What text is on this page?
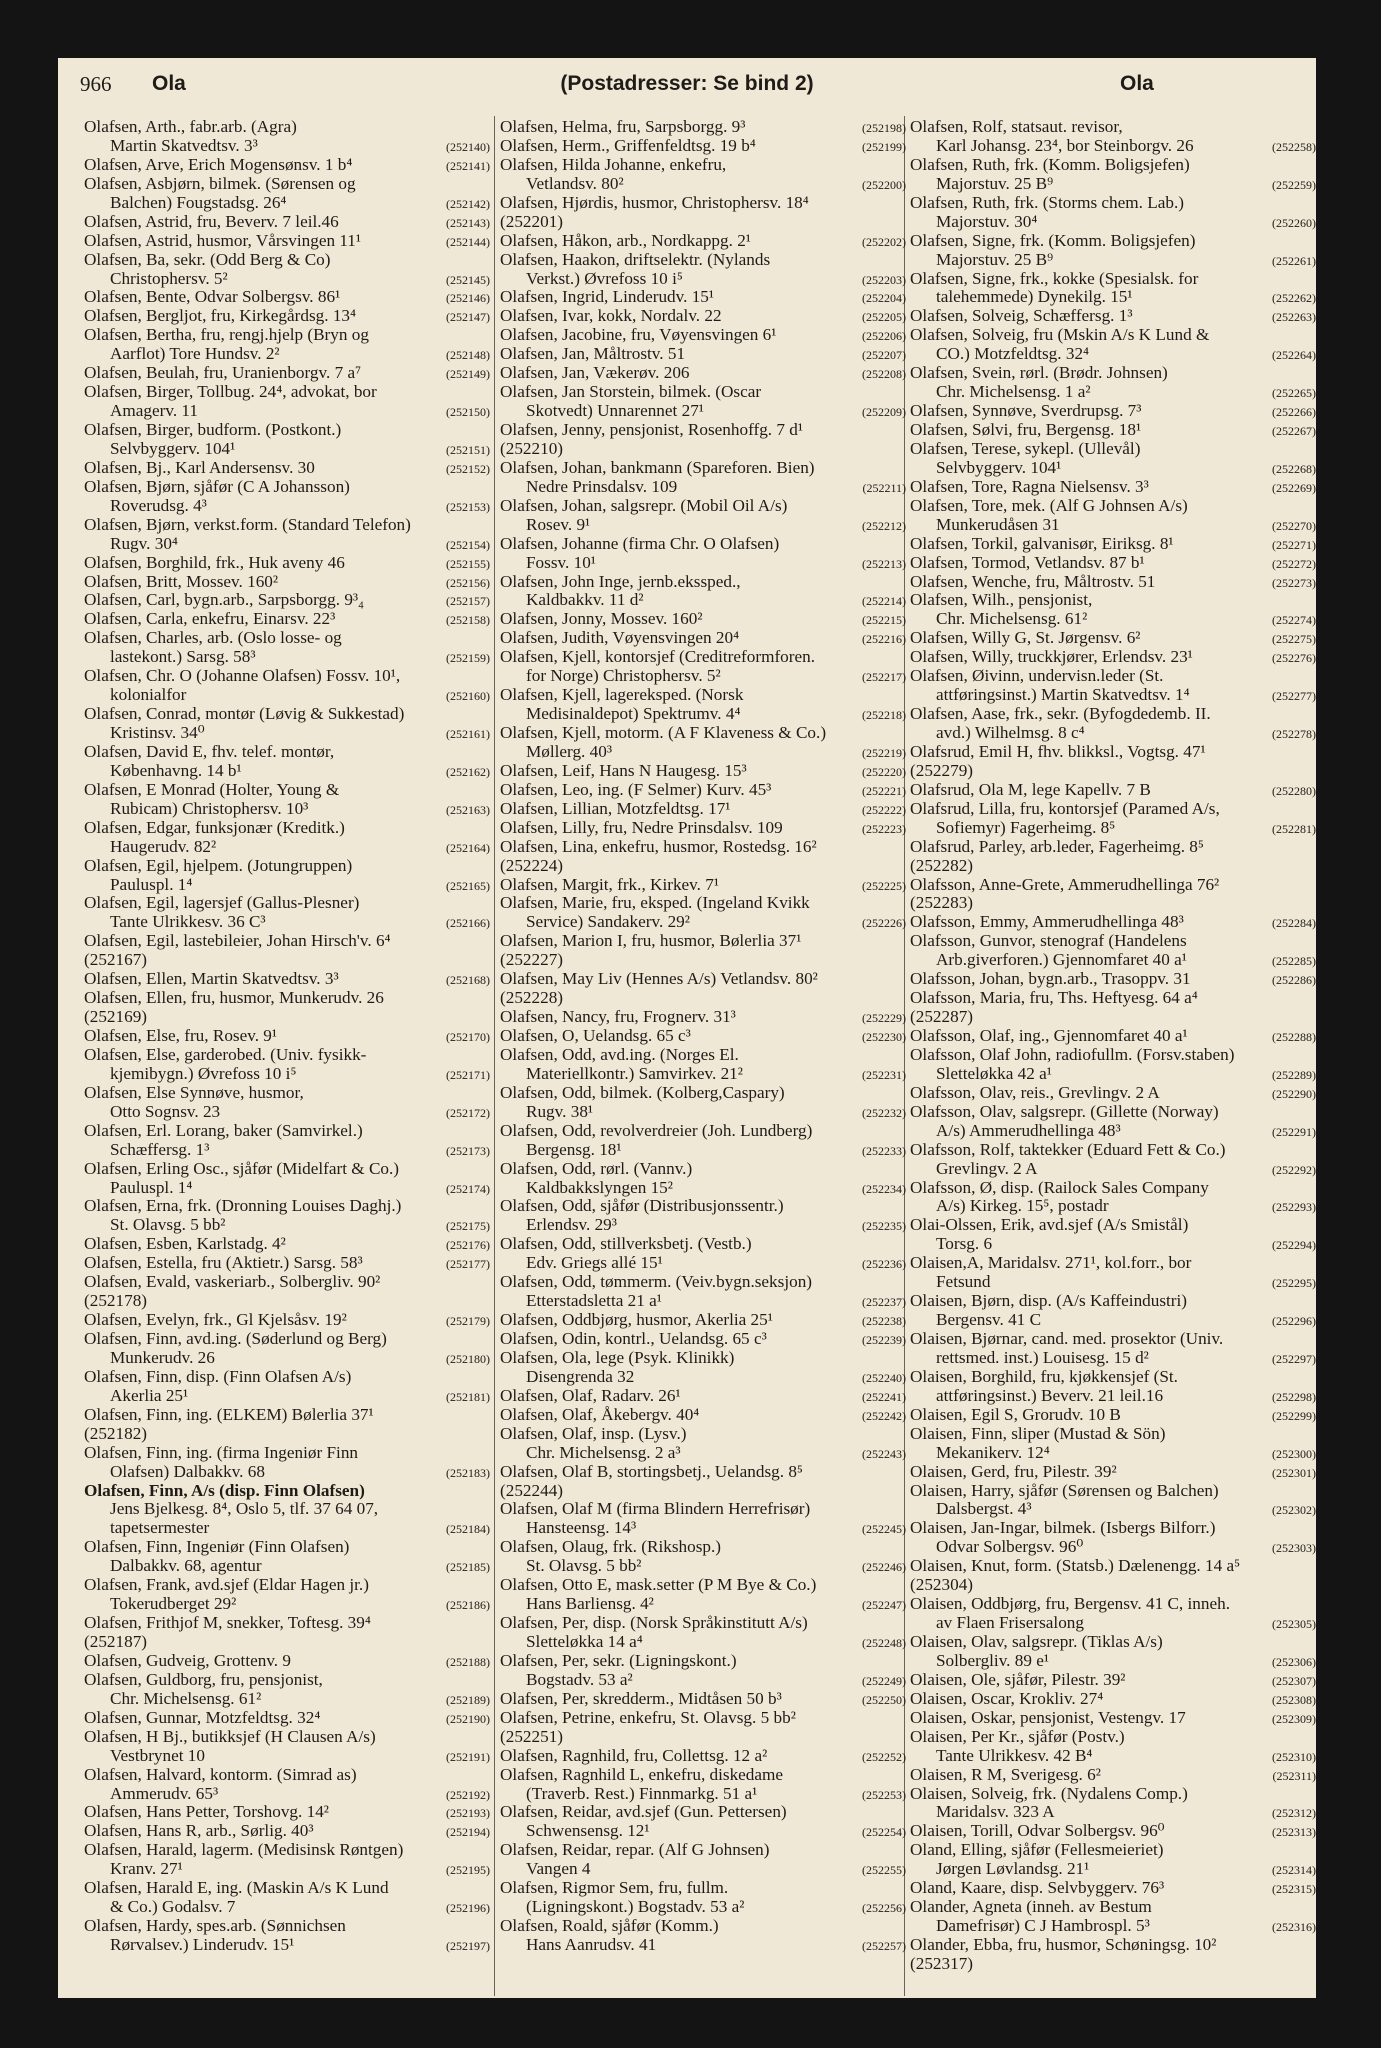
966 Ola	(Postadresser: Se bind 2)	Ola
Olafsen, Arth., fabr.arb. (Agra)
Martin Skatvedtsv. 3³	(252140)
Olafsen, Arve, Erich Mogensønsv. 1 b⁴	(252141)
Olafsen, Asbjørn, bilmek. (Sørensen og
Balchen) Fougstadsg. 26⁴	(252142)
Olafsen, Astrid, fru, Beverv. 7 leil.46	(252143)
Olafsen, Astrid, husmor, Vårsvingen 11¹	(252144)
Olafsen, Ba, sekr. (Odd Berg & Co)
Christophersv. 5²	(252145)
Olafsen, Bente, Odvar Solbergsv. 86¹	(252146)
Olafsen, Bergljot, fru, Kirkegårdsg. 13⁴	(252147)
Olafsen, Bertha, fru, rengj.hjelp (Bryn og
Aarflot) Tore Hundsv. 2²	(252148)
Olafsen, Beulah, fru, Uranienborgv. 7 a⁷	(252149)
Olafsen, Birger, Tollbug. 24⁴, advokat, bor
Amagerv. 11	(252150)
Olafsen, Birger, budform. (Postkont.)
Selvbyggerv. 104¹	(252151)
Olafsen, Bj., Karl Andersensv. 30	(252152)
Olafsen, Bjørn, sjåfør (C A Johansson)
Roverudsg. 4³	(252153)
Olafsen, Bjørn, verkst.form. (Standard Telefon)
Rugv. 30⁴	(252154)
Olafsen, Borghild, frk., Huk aveny 46	(252155)
Olafsen, Britt, Mossev. 160²	(252156)
Olafsen, Carl, bygn.arb., Sarpsborgg. 9³₄	(252157)
Olafsen, Carla, enkefru, Einarsv. 22³	(252158)
Olafsen, Charles, arb. (Oslo losse- og
lastekont.) Sarsg. 58³	(252159)
Olafsen, Chr. O (Johanne Olafsen) Fossv. 10¹,
kolonialfor	(252160)
Olafsen, Conrad, montør (Løvig & Sukkestad)
Kristinsv. 34⁰	(252161)
Olafsen, David E, fhv. telef. montør,
Københavng. 14 b¹	(252162)
Olafsen, E Monrad (Holter, Young &
Rubicam) Christophersv. 10³	(252163)
Olafsen, Edgar, funksjonær (Kreditk.)
Haugerudv. 82²	(252164)
Olafsen, Egil, hjelpem. (Jotungruppen)
Pauluspl. 1⁴	(252165)
Olafsen, Egil, lagersjef (Gallus-Plesner)
Tante Ulrikkesv. 36 C³	(252166)
Olafsen, Egil, lastebileier, Johan Hirsch'v. 6⁴
(252167)
Olafsen, Ellen, Martin Skatvedtsv. 3³	(252168)
Olafsen, Ellen, fru, husmor, Munkerudv. 26
(252169)
Olafsen, Else, fru, Rosev. 9¹	(252170)
Olafsen, Else, garderobed. (Univ. fysikk-
kjemibygn.) Øvrefoss 10 i⁵	(252171)
Olafsen, Else Synnøve, husmor,
Otto Sognsv. 23	(252172)
Olafsen, Erl. Lorang, baker (Samvirkel.)
Schæffersg. 1³	(252173)
Olafsen, Erling Osc., sjåfør (Midelfart & Co.)
Pauluspl. 1⁴	(252174)
Olafsen, Erna, frk. (Dronning Louises Daghj.)
St. Olavsg. 5 bb²	(252175)
Olafsen, Esben, Karlstadg. 4²	(252176)
Olafsen, Estella, fru (Aktietr.) Sarsg. 58³	(252177)
Olafsen, Evald, vaskeriarb., Solbergliv. 90²
(252178)
Olafsen, Evelyn, frk., Gl Kjelsåsv. 19²	(252179)
Olafsen, Finn, avd.ing. (Søderlund og Berg)
Munkerudv. 26	(252180)
Olafsen, Finn, disp. (Finn Olafsen A/s)
Akerlia 25¹	(252181)
Olafsen, Finn, ing. (ELKEM) Bølerlia 37¹
(252182)
Olafsen, Finn, ing. (firma Ingeniør Finn
Olafsen) Dalbakkv. 68	(252183)
Olafsen, Finn, A/s (disp. Finn Olafsen)
Jens Bjelkesg. 8⁴, Oslo 5, tlf. 37 64 07,
tapetsermester	(252184)
Olafsen, Finn, Ingeniør (Finn Olafsen)
Dalbakkv. 68, agentur	(252185)
Olafsen, Frank, avd.sjef (Eldar Hagen jr.)
Tokerudberget 29²	(252186)
Olafsen, Frithjof M, snekker, Toftesg. 39⁴
(252187)
Olafsen, Gudveig, Grottenv. 9	(252188)
Olafsen, Guldborg, fru, pensjonist,
Chr. Michelsensg. 61²	(252189)
Olafsen, Gunnar, Motzfeldtsg. 32⁴	(252190)
Olafsen, H Bj., butikksjef (H Clausen A/s)
Vestbrynet 10	(252191)
Olafsen, Halvard, kontorm. (Simrad as)
Ammerudv. 65³	(252192)
Olafsen, Hans Petter, Torshovg. 14²	(252193)
Olafsen, Hans R, arb., Sørlig. 40³	(252194)
Olafsen, Harald, lagerm. (Medisinsk Røntgen)
Kranv. 27¹	(252195)
Olafsen, Harald E, ing. (Maskin A/s K Lund
& Co.) Godalsv. 7	(252196)
Olafsen, Hardy, spes.arb. (Sønnichsen
Rørvalsev.) Linderudv. 15¹	(252197)
Olafsen, Helma, fru, Sarpsborgg. 9³	(252198)
Olafsen, Herm., Griffenfeldtsg. 19 b⁴	(252199)
Olafsen, Hilda Johanne, enkefru,
Vetlandsv. 80²	(252200)
Olafsen, Hjørdis, husmor, Christophersv. 18⁴
(252201)
Olafsen, Håkon, arb., Nordkappg. 2¹	(252202)
Olafsen, Haakon, driftselektr. (Nylands
Verkst.) Øvrefoss 10 i⁵	(252203)
Olafsen, Ingrid, Linderudv. 15¹	(252204)
Olafsen, Ivar, kokk, Nordalv. 22	(252205)
Olafsen, Jacobine, fru, Vøyensvingen 6¹	(252206)
Olafsen, Jan, Måltrostv. 51	(252207)
Olafsen, Jan, Vækerøv. 206	(252208)
Olafsen, Jan Storstein, bilmek. (Oscar
Skotvedt) Unnarennet 27¹	(252209)
Olafsen, Jenny, pensjonist, Rosenhoffg. 7 d¹
(252210)
Olafsen, Johan, bankmann (Spareforen. Bien)
Nedre Prinsdalsv. 109	(252211)
Olafsen, Johan, salgsrepr. (Mobil Oil A/s)
Rosev. 9¹	(252212)
Olafsen, Johanne (firma Chr. O Olafsen)
Fossv. 10¹	(252213)
Olafsen, John Inge, jernb.ekssped.,
Kaldbakkv. 11 d²	(252214)
Olafsen, Jonny, Mossev. 160²	(252215)
Olafsen, Judith, Vøyensvingen 20⁴	(252216)
Olafsen, Kjell, kontorsjef (Creditreformforen.
for Norge) Christophersv. 5²	(252217)
Olafsen, Kjell, lagereksped. (Norsk
Medisinaldepot) Spektrumv. 4⁴	(252218)
Olafsen, Kjell, motorm. (A F Klaveness & Co.)
Møllerg. 40³	(252219)
Olafsen, Leif, Hans N Haugesg. 15³	(252220)
Olafsen, Leo, ing. (F Selmer) Kurv. 45³	(252221)
Olafsen, Lillian, Motzfeldtsg. 17¹	(252222)
Olafsen, Lilly, fru, Nedre Prinsdalsv. 109	(252223)
Olafsen, Lina, enkefru, husmor, Rostedsg. 16²
(252224)
Olafsen, Margit, frk., Kirkev. 7¹	(252225)
Olafsen, Marie, fru, eksped. (Ingeland Kvikk
Service) Sandakerv. 29²	(252226)
Olafsen, Marion I, fru, husmor, Bølerlia 37¹
(252227)
Olafsen, May Liv (Hennes A/s) Vetlandsv. 80²
(252228)
Olafsen, Nancy, fru, Frognerv. 31³	(252229)
Olafsen, O, Uelandsg. 65 c³	(252230)
Olafsen, Odd, avd.ing. (Norges El.
Materiellkontr.) Samvirkev. 21²	(252231)
Olafsen, Odd, bilmek. (Kolberg,Caspary)
Rugv. 38¹	(252232)
Olafsen, Odd, revolverdreier (Joh. Lundberg)
Bergensg. 18¹	(252233)
Olafsen, Odd, rørl. (Vannv.)
Kaldbakkslyngen 15²	(252234)
Olafsen, Odd, sjåfør (Distribusjonssentr.)
Erlendsv. 29³	(252235)
Olafsen, Odd, stillverksbetj. (Vestb.)
Edv. Griegs allé 15¹	(252236)
Olafsen, Odd, tømmerm. (Veiv.bygn.seksjon)
Etterstadsletta 21 a¹	(252237)
Olafsen, Oddbjørg, husmor, Akerlia 25¹	(252238)
Olafsen, Odin, kontrl., Uelandsg. 65 c³	(252239)
Olafsen, Ola, lege (Psyk. Klinikk)
Disengrenda 32	(252240)
Olafsen, Olaf, Radarv. 26¹	(252241)
Olafsen, Olaf, Åkebergv. 40⁴	(252242)
Olafsen, Olaf, insp. (Lysv.)
Chr. Michelsensg. 2 a³	(252243)
Olafsen, Olaf B, stortingsbetj., Uelandsg. 8⁵
(252244)
Olafsen, Olaf M (firma Blindern Herrefrisør)
Hansteensg. 14³	(252245)
Olafsen, Olaug, frk. (Rikshosp.)
St. Olavsg. 5 bb²	(252246)
Olafsen, Otto E, mask.setter (P M Bye & Co.)
Hans Barliensg. 4²	(252247)
Olafsen, Per, disp. (Norsk Språkinstitutt A/s)
Sletteløkka 14 a⁴	(252248)
Olafsen, Per, sekr. (Ligningskont.)
Bogstadv. 53 a²	(252249)
Olafsen, Per, skredderm., Midtåsen 50 b³	(252250)
Olafsen, Petrine, enkefru, St. Olavsg. 5 bb²
(252251)
Olafsen, Ragnhild, fru, Collettsg. 12 a²	(252252)
Olafsen, Ragnhild L, enkefru, diskedame
(Traverb. Rest.) Finnmarkg. 51 a¹	(252253)
Olafsen, Reidar, avd.sjef (Gun. Pettersen)
Schwensensg. 12¹	(252254)
Olafsen, Reidar, repar. (Alf G Johnsen)
Vangen 4	(252255)
Olafsen, Rigmor Sem, fru, fullm.
(Ligningskont.) Bogstadv. 53 a²	(252256)
Olafsen, Roald, sjåfør (Komm.)
Hans Aanrudsv. 41	(252257)
Olafsen, Rolf, statsaut. revisor,
Karl Johansg. 23⁴, bor Steinborgv. 26	(252258)
Olafsen, Ruth, frk. (Komm. Boligsjefen)
Majorstuv. 25 B⁹	(252259)
Olafsen, Ruth, frk. (Storms chem. Lab.)
Majorstuv. 30⁴	(252260)
Olafsen, Signe, frk. (Komm. Boligsjefen)
Majorstuv. 25 B⁹	(252261)
Olafsen, Signe, frk., kokke (Spesialsk. for
talehemmede) Dynekilg. 15¹	(252262)
Olafsen, Solveig, Schæffersg. 1³	(252263)
Olafsen, Solveig, fru (Mskin A/s K Lund &
CO.) Motzfeldtsg. 32⁴	(252264)
Olafsen, Svein, rørl. (Brødr. Johnsen)
Chr. Michelsensg. 1 a²	(252265)
Olafsen, Synnøve, Sverdrupsg. 7³	(252266)
Olafsen, Sølvi, fru, Bergensg. 18¹	(252267)
Olafsen, Terese, sykepl. (Ullevål)
Selvbyggerv. 104¹	(252268)
Olafsen, Tore, Ragna Nielsensv. 3³	(252269)
Olafsen, Tore, mek. (Alf G Johnsen A/s)
Munkerudåsen 31	(252270)
Olafsen, Torkil, galvanisør, Eiriksg. 8¹	(252271)
Olafsen, Tormod, Vetlandsv. 87 b¹	(252272)
Olafsen, Wenche, fru, Måltrostv. 51	(252273)
Olafsen, Wilh., pensjonist,
Chr. Michelsensg. 61²	(252274)
Olafsen, Willy G, St. Jørgensv. 6²	(252275)
Olafsen, Willy, truckkjører, Erlendsv. 23¹	(252276)
Olafsen, Øivinn, undervisn.leder (St.
attføringsinst.) Martin Skatvedtsv. 1⁴	(252277)
Olafsen, Aase, frk., sekr. (Byfogdedemb. II.
avd.) Wilhelmsg. 8 c⁴	(252278)
Olafsrud, Emil H, fhv. blikksl., Vogtsg. 47¹
(252279)
Olafsrud, Ola M, lege Kapellv. 7 B	(252280)
Olafsrud, Lilla, fru, kontorsjef (Paramed A/s,
Sofiemyr) Fagerheimg. 8⁵	(252281)
Olafsrud, Parley, arb.leder, Fagerheimg. 8⁵
(252282)
Olafsson, Anne-Grete, Ammerudhellinga 76²
(252283)
Olafsson, Emmy, Ammerudhellinga 48³	(252284)
Olafsson, Gunvor, stenograf (Handelens
Arb.giverforen.) Gjennomfaret 40 a¹	(252285)
Olafsson, Johan, bygn.arb., Trasoppv. 31	(252286)
Olafsson, Maria, fru, Ths. Heftyesg. 64 a⁴
(252287)
Olafsson, Olaf, ing., Gjennomfaret 40 a¹	(252288)
Olafsson, Olaf John, radiofullm. (Forsv.staben)
Sletteløkka 42 a¹	(252289)
Olafsson, Olav, reis., Grevlingv. 2 A	(252290)
Olafsson, Olav, salgsrepr. (Gillette (Norway)
A/s) Ammerudhellinga 48³	(252291)
Olafsson, Rolf, taktekker (Eduard Fett & Co.)
Grevlingv. 2 A	(252292)
Olafsson, Ø, disp. (Railock Sales Company
A/s) Kirkeg. 15⁵, postadr	(252293)
Olai-Olssen, Erik, avd.sjef (A/s Smistål)
Torsg. 6	(252294)
Olaisen,A, Maridalsv. 271¹, kol.forr., bor
Fetsund	(252295)
Olaisen, Bjørn, disp. (A/s Kaffeindustri)
Bergensv. 41 C	(252296)
Olaisen, Bjørnar, cand. med. prosektor (Univ.
rettsmed. inst.) Louisesg. 15 d²	(252297)
Olaisen, Borghild, fru, kjøkkensjef (St.
attføringsinst.) Beverv. 21 leil.16	(252298)
Olaisen, Egil S, Grorudv. 10 B	(252299)
Olaisen, Finn, sliper (Mustad & Sön)
Mekanikerv. 12⁴	(252300)
Olaisen, Gerd, fru, Pilestr. 39²	(252301)
Olaisen, Harry, sjåfør (Sørensen og Balchen)
Dalsbergst. 4³	(252302)
Olaisen, Jan-Ingar, bilmek. (Isbergs Bilforr.)
Odvar Solbergsv. 96⁰	(252303)
Olaisen, Knut, form. (Statsb.) Dælenengg. 14 a⁵
(252304)
Olaisen, Oddbjørg, fru, Bergensv. 41 C, inneh.
av Flaen Frisersalong	(252305)
Olaisen, Olav, salgsrepr. (Tiklas A/s)
Solbergliv. 89 e¹	(252306)
Olaisen, Ole, sjåfør, Pilestr. 39²	(252307)
Olaisen, Oscar, Krokliv. 27⁴	(252308)
Olaisen, Oskar, pensjonist, Vestengv. 17	(252309)
Olaisen, Per Kr., sjåfør (Postv.)
Tante Ulrikkesv. 42 B⁴	(252310)
Olaisen, R M, Sverigesg. 6²	(252311)
Olaisen, Solveig, frk. (Nydalens Comp.)
Maridalsv. 323 A	(252312)
Olaisen, Torill, Odvar Solbergsv. 96⁰	(252313)
Oland, Elling, sjåfør (Fellesmeieriet)
Jørgen Løvlandsg. 21¹	(252314)
Oland, Kaare, disp. Selvbyggerv. 76³	(252315)
Olander, Agneta (inneh. av Bestum
Damefrisør) C J Hambrospl. 5³	(252316)
Olander, Ebba, fru, husmor, Schøningsg. 10²
(252317)
